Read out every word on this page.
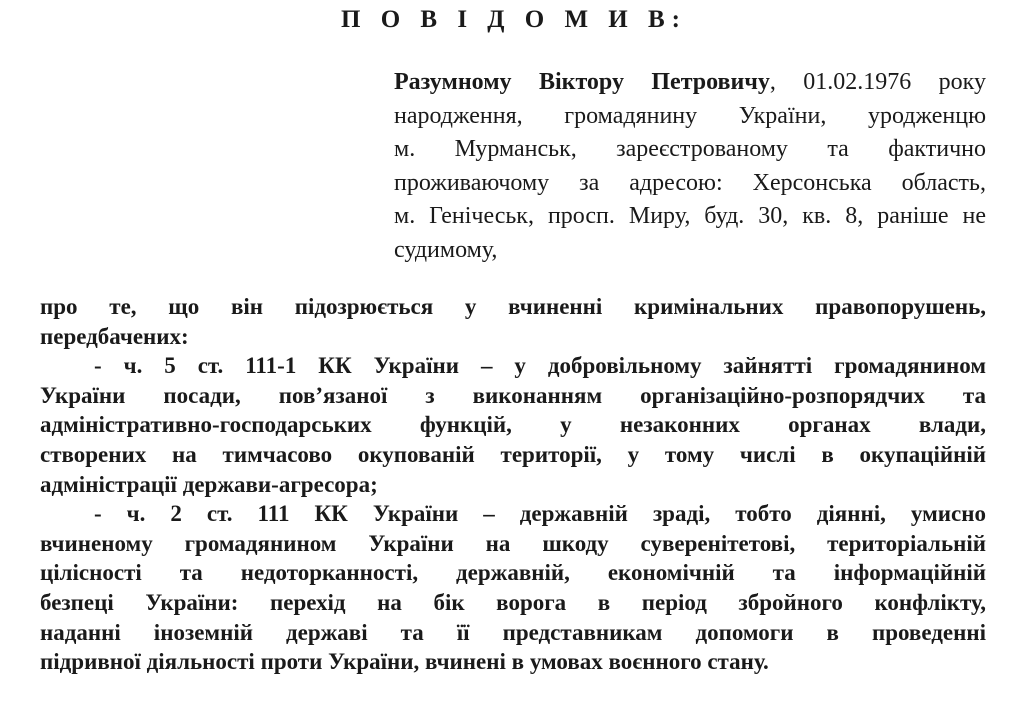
П О В І Д О М И В:
Разумному Віктору Петровичу, 01.02.1976 року
народження, громадянину України, уродженцю
м. Мурманськ, зареєстрованому та фактично
проживаючому за адресою: Херсонська область,
м. Генічеськ, просп. Миру, буд. 30, кв. 8, раніше не
судимому,
про те, що він підозрюється у вчиненні кримінальних правопорушень,
передбачених:
- ч. 5 ст. 111-1 КК України – у добровільному зайнятті громадянином
України посади, пов’язаної з виконанням організаційно-розпорядчих та
адміністративно-господарських функцій, у незаконних органах влади,
створених на тимчасово окупованій території, у тому числі в окупаційній
адміністрації держави-агресора;
- ч. 2 ст. 111 КК України – державній зраді, тобто діянні, умисно
вчиненому громадянином України на шкоду суверенітетові, територіальній
цілісності та недоторканності, державній, економічній та інформаційній
безпеці України: перехід на бік ворога в період збройного конфлікту,
наданні іноземній державі та її представникам допомоги в проведенні
підривної діяльності проти України, вчинені в умовах воєнного стану.
